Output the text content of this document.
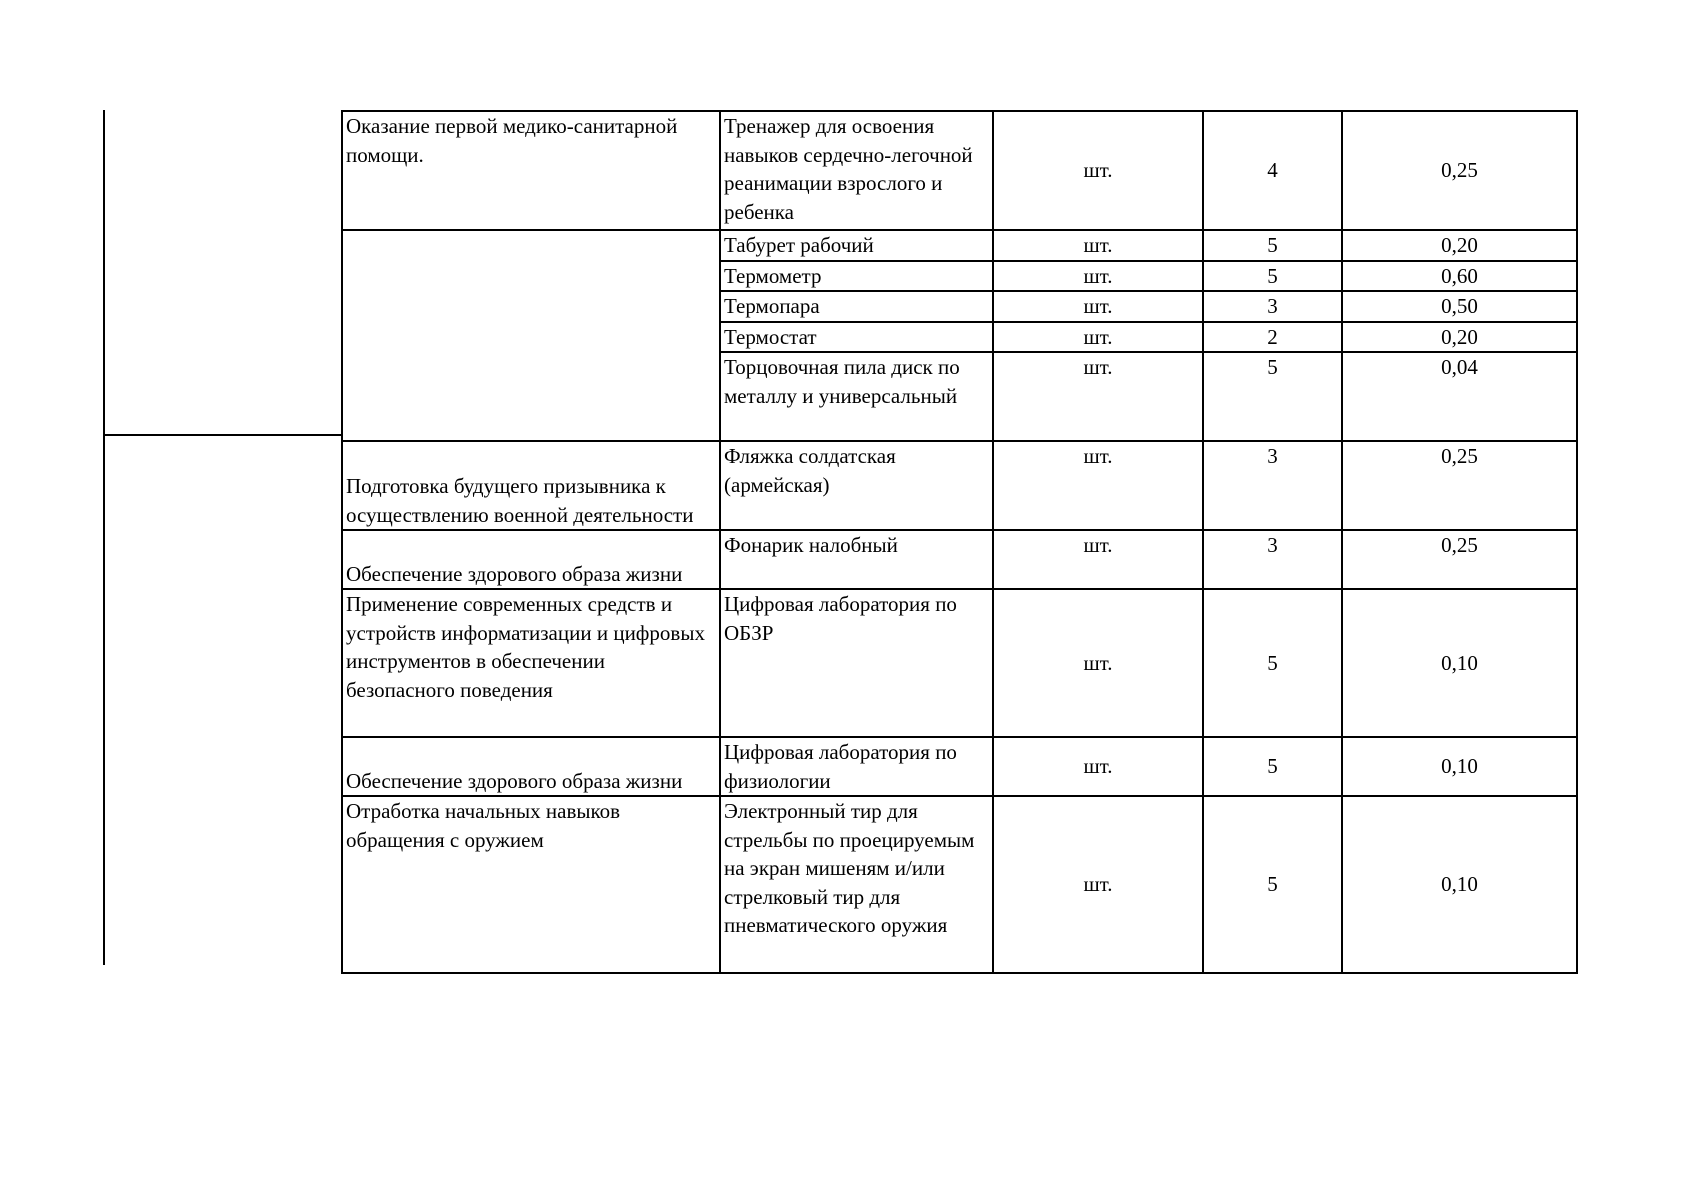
Оказание первой медико-санитарной помощи.	Тренажер для освоения навыков сердечно-легочной реанимации взрослого и ребенка	шт.	4	0,25
	Табурет рабочий	шт.	5	0,20
	Термометр	шт.	5	0,60
	Термопара	шт.	3	0,50
	Термостат	шт.	2	0,20
	Торцовочная пила диск по металлу и универсальный	шт.	5	0,04
Подготовка будущего призывника к осуществлению военной деятельности	Фляжка солдатская (армейская)	шт.	3	0,25
Обеспечение здорового образа жизни	Фонарик налобный	шт.	3	0,25
Применение современных средств и устройств информатизации и цифровых инструментов в обеспечении безопасного поведения	Цифровая лаборатория по ОБЗР	шт.	5	0,10
Обеспечение здорового образа жизни	Цифровая лаборатория по физиологии	шт.	5	0,10
Отработка начальных навыков обращения с оружием	Электронный тир для стрельбы по проецируемым на экран мишеням и/или стрелковый тир для пневматического оружия	шт.	5	0,10
